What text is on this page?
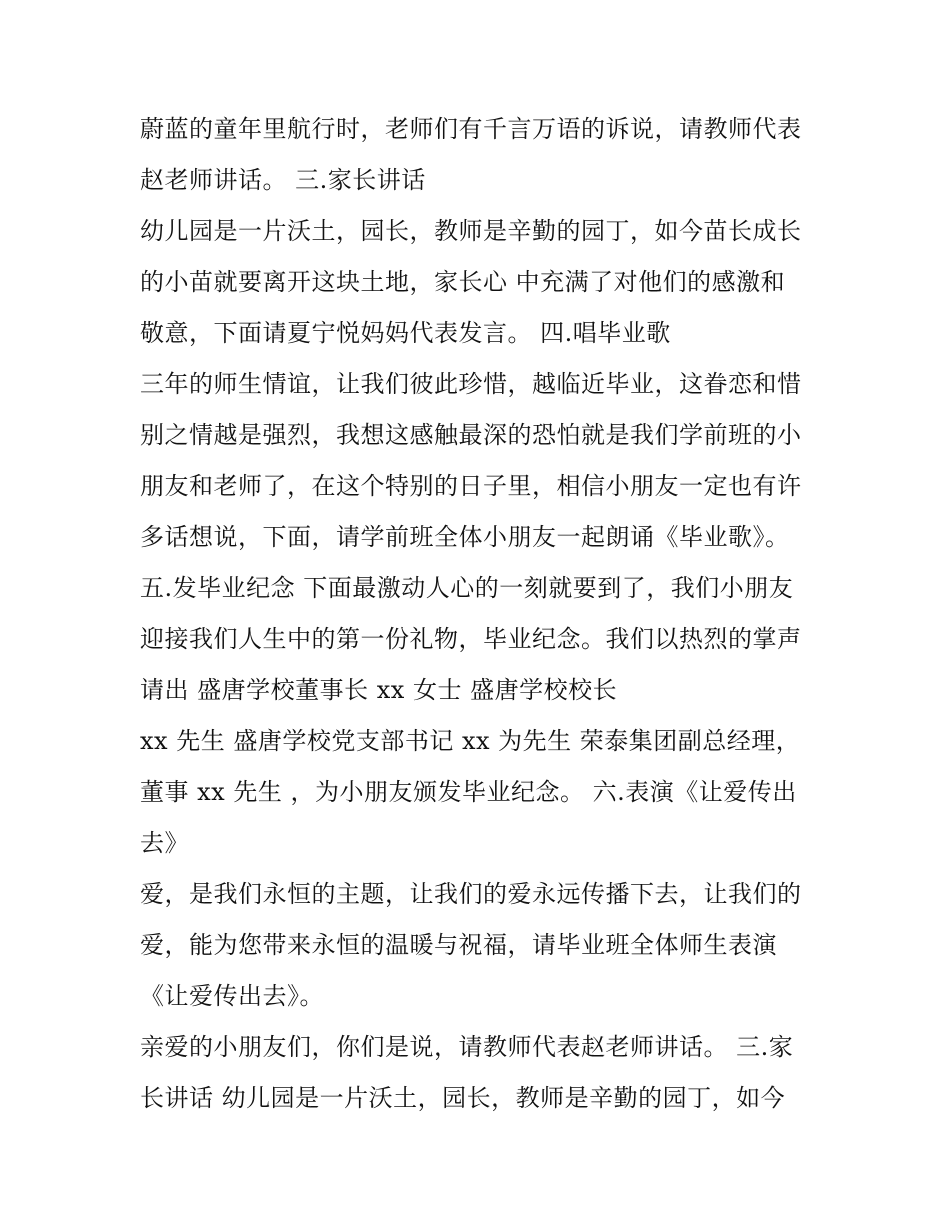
蔚蓝的童年里航行时，老师们有千言万语的诉说，请教师代表
赵老师讲话。 三.家长讲话
幼儿园是一片沃土，园长，教师是辛勤的园丁，如今苗长成长
的小苗就要离开这块土地，家长心 中充满了对他们的感激和
敬意，下面请夏宁悦妈妈代表发言。 四.唱毕业歌
三年的师生情谊，让我们彼此珍惜，越临近毕业，这眷恋和惜
别之情越是强烈，我想这感触最深的恐怕就是我们学前班的小
朋友和老师了，在这个特别的日子里，相信小朋友一定也有许
多话想说，下面，请学前班全体小朋友一起朗诵《毕业歌》。
五.发毕业纪念 下面最激动人心的一刻就要到了，我们小朋友
迎接我们人生中的第一份礼物，毕业纪念。我们以热烈的掌声
请出 盛唐学校董事长 xx 女士 盛唐学校校长
xx 先生 盛唐学校党支部书记 xx 为先生 荣泰集团副总经理，
董事 xx 先生 ，为小朋友颁发毕业纪念。 六.表演《让爱传出
去》
爱，是我们永恒的主题，让我们的爱永远传播下去，让我们的
爱，能为您带来永恒的温暖与祝福，请毕业班全体师生表演
《让爱传出去》。
亲爱的小朋友们，你们是说，请教师代表赵老师讲话。 三.家
长讲话 幼儿园是一片沃土，园长，教师是辛勤的园丁，如今
